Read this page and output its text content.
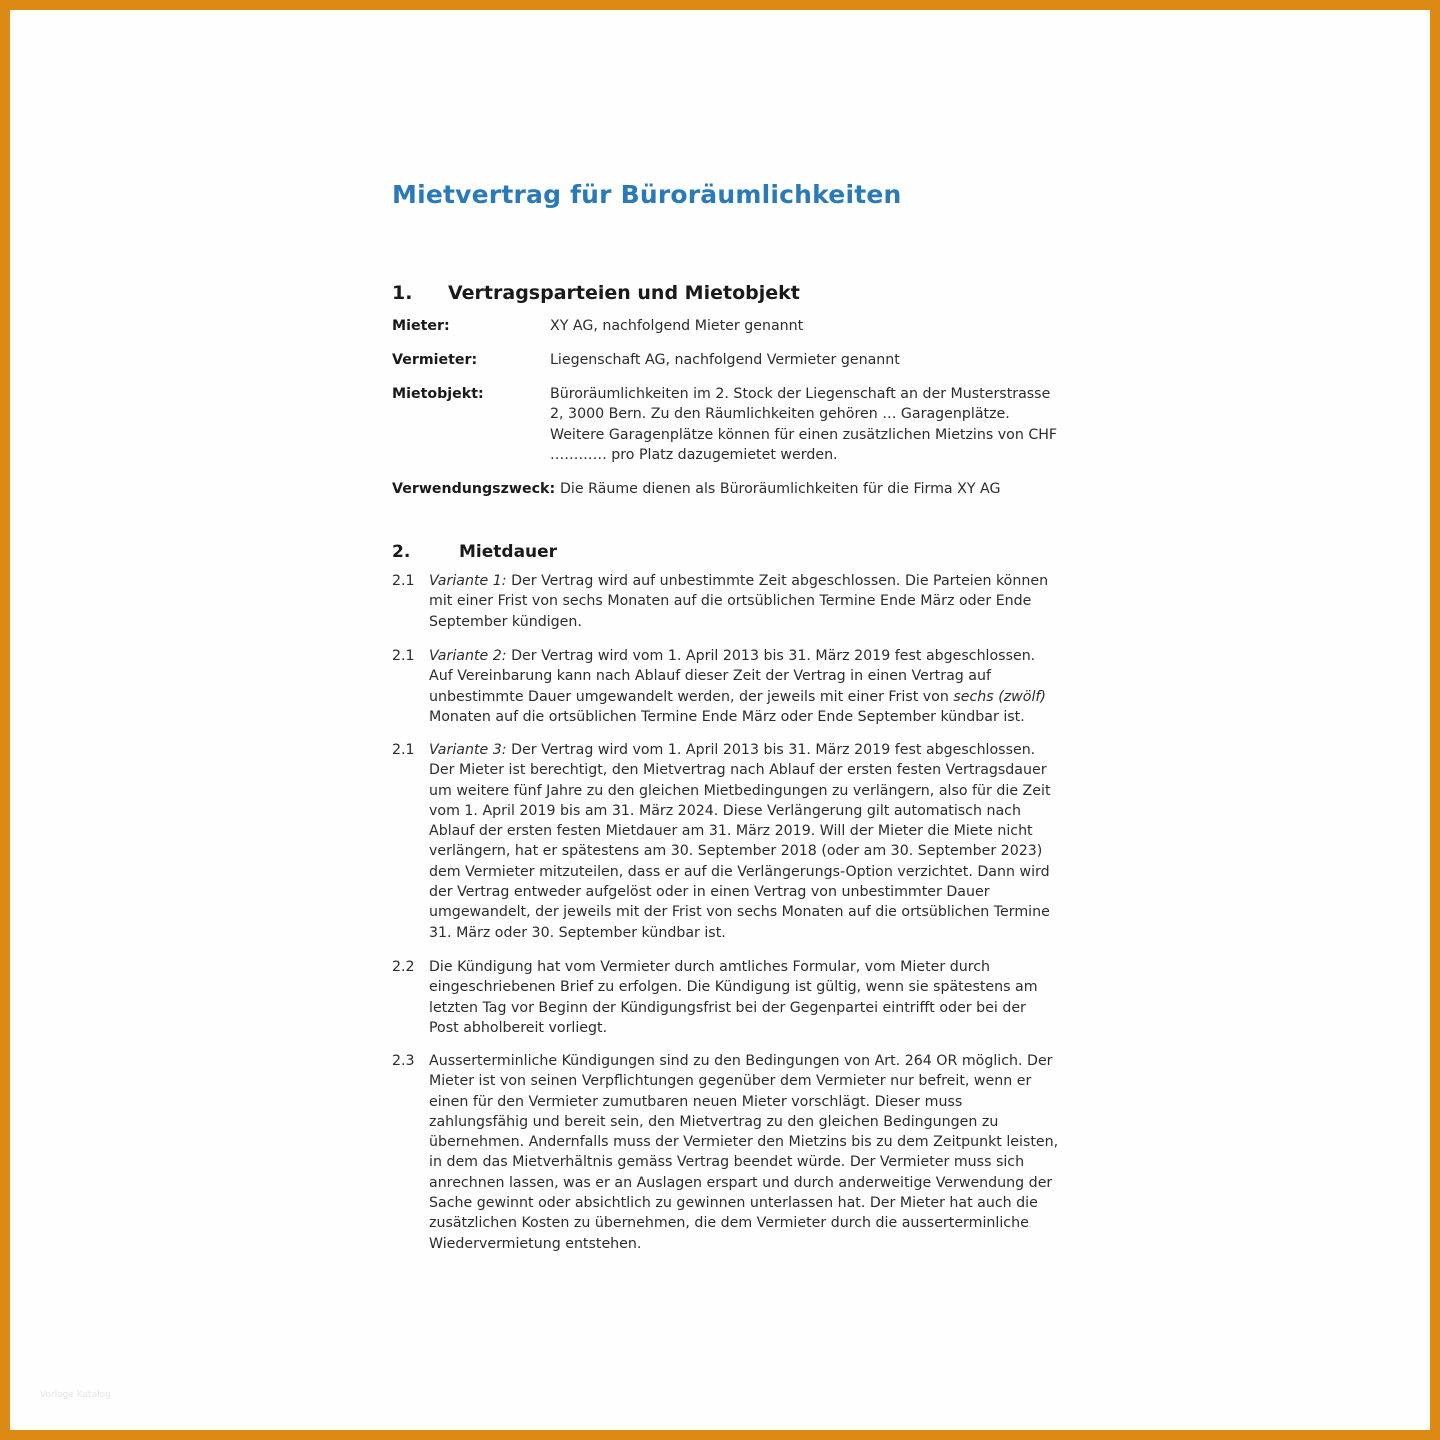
Mietvertrag für Büroräumlichkeiten
1. Vertragsparteien und Mietobjekt
Mieter:	XY AG, nachfolgend Mieter genannt
Vermieter:	Liegenschaft AG, nachfolgend Vermieter genannt
Mietobjekt:	Büroräumlichkeiten im 2. Stock der Liegenschaft an der Musterstrasse
2, 3000 Bern. Zu den Räumlichkeiten gehören … Garagenplätze.
Weitere Garagenplätze können für einen zusätzlichen Mietzins von CHF
………… pro Platz dazugemietet werden.
Verwendungszweck: Die Räume dienen als Büroräumlichkeiten für die Firma XY AG
2.	Mietdauer
2.1 Variante 1: Der Vertrag wird auf unbestimmte Zeit abgeschlossen. Die Parteien können
mit einer Frist von sechs Monaten auf die ortsüblichen Termine Ende März oder Ende
September kündigen.
2.1 Variante 2: Der Vertrag wird vom 1. April 2013 bis 31. März 2019 fest abgeschlossen.
Auf Vereinbarung kann nach Ablauf dieser Zeit der Vertrag in einen Vertrag auf
unbestimmte Dauer umgewandelt werden, der jeweils mit einer Frist von sechs (zwölf)
Monaten auf die ortsüblichen Termine Ende März oder Ende September kündbar ist.
2.1 Variante 3: Der Vertrag wird vom 1. April 2013 bis 31. März 2019 fest abgeschlossen.
Der Mieter ist berechtigt, den Mietvertrag nach Ablauf der ersten festen Vertragsdauer
um weitere fünf Jahre zu den gleichen Mietbedingungen zu verlängern, also für die Zeit
vom 1. April 2019 bis am 31. März 2024. Diese Verlängerung gilt automatisch nach
Ablauf der ersten festen Mietdauer am 31. März 2019. Will der Mieter die Miete nicht
verlängern, hat er spätestens am 30. September 2018 (oder am 30. September 2023)
dem Vermieter mitzuteilen, dass er auf die Verlängerungs-Option verzichtet. Dann wird
der Vertrag entweder aufgelöst oder in einen Vertrag von unbestimmter Dauer
umgewandelt, der jeweils mit der Frist von sechs Monaten auf die ortsüblichen Termine
31. März oder 30. September kündbar ist.
2.2 Die Kündigung hat vom Vermieter durch amtliches Formular, vom Mieter durch
eingeschriebenen Brief zu erfolgen. Die Kündigung ist gültig, wenn sie spätestens am
letzten Tag vor Beginn der Kündigungsfrist bei der Gegenpartei eintrifft oder bei der
Post abholbereit vorliegt.
2.3 Ausserterminliche Kündigungen sind zu den Bedingungen von Art. 264 OR möglich. Der
Mieter ist von seinen Verpflichtungen gegenüber dem Vermieter nur befreit, wenn er
einen für den Vermieter zumutbaren neuen Mieter vorschlägt. Dieser muss
zahlungsfähig und bereit sein, den Mietvertrag zu den gleichen Bedingungen zu
übernehmen. Andernfalls muss der Vermieter den Mietzins bis zu dem Zeitpunkt leisten,
in dem das Mietverhältnis gemäss Vertrag beendet würde. Der Vermieter muss sich
anrechnen lassen, was er an Auslagen erspart und durch anderweitige Verwendung der
Sache gewinnt oder absichtlich zu gewinnen unterlassen hat. Der Mieter hat auch die
zusätzlichen Kosten zu übernehmen, die dem Vermieter durch die ausserterminliche
Wiedervermietung entstehen.
Vorlage Katalog
